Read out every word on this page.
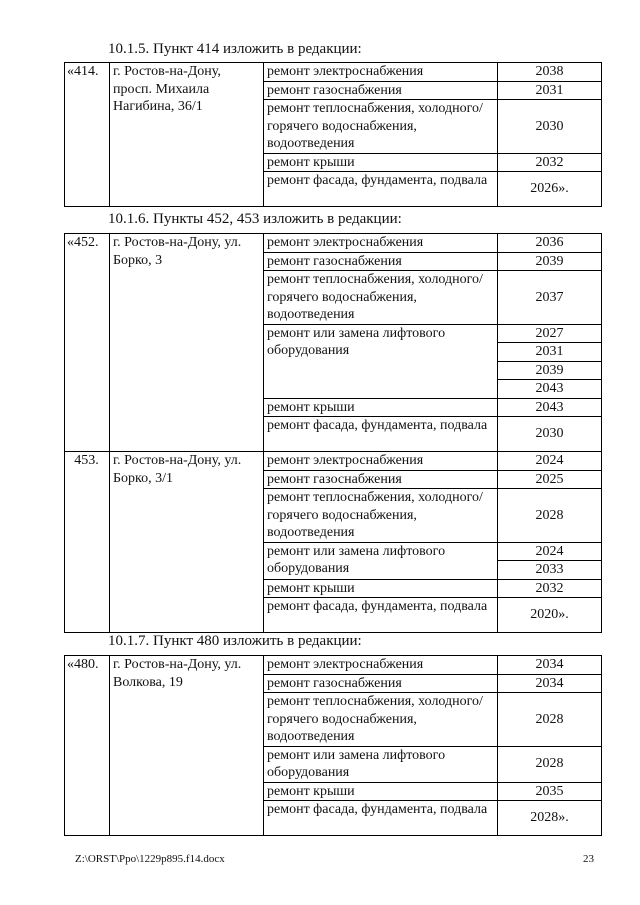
10.1.5. Пункт 414 изложить в редакции:
«414.	г. Ростов-на-Дону, просп. Михаила Нагибина, 36/1	ремонт электроснабжения	2038
		ремонт газоснабжения	2031
		ремонт теплоснабжения, холодного/горячего водоснабжения, водоотведения	2030
		ремонт крыши	2032
		ремонт фасада, фундамента, подвала	2026».
10.1.6. Пункты 452, 453 изложить в редакции:
«452.	г. Ростов-на-Дону, ул. Борко, 3	ремонт электроснабжения	2036
		ремонт газоснабжения	2039
		ремонт теплоснабжения, холодного/горячего водоснабжения, водоотведения	2037
		ремонт или замена лифтового оборудования	2027
			2031
			2039
			2043
		ремонт крыши	2043
		ремонт фасада, фундамента, подвала	2030
453.	г. Ростов-на-Дону, ул. Борко, 3/1	ремонт электроснабжения	2024
		ремонт газоснабжения	2025
		ремонт теплоснабжения, холодного/горячего водоснабжения, водоотведения	2028
		ремонт или замена лифтового оборудования	2024
			2033
		ремонт крыши	2032
		ремонт фасада, фундамента, подвала	2020».
10.1.7. Пункт 480 изложить в редакции:
«480.	г. Ростов-на-Дону, ул. Волкова, 19	ремонт электроснабжения	2034
		ремонт газоснабжения	2034
		ремонт теплоснабжения, холодного/горячего водоснабжения, водоотведения	2028
		ремонт или замена лифтового оборудования	2028
		ремонт крыши	2035
		ремонт фасада, фундамента, подвала	2028».
Z:\ORST\Ppo\1229p895.f14.docx	23
